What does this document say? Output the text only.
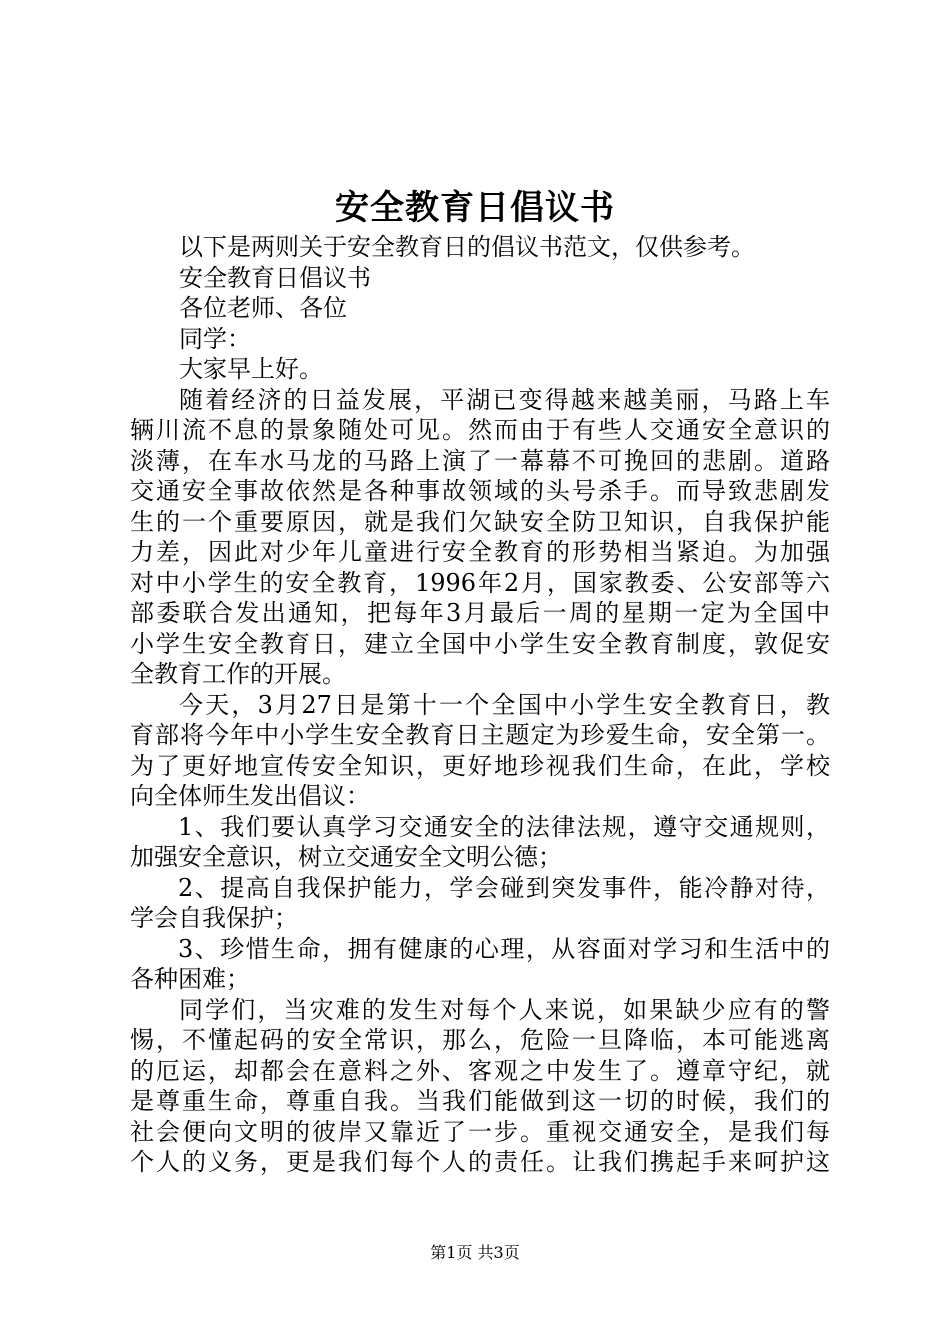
安全教育日倡议书
以下是两则关于安全教育日的倡议书范文，仅供参考。
安全教育日倡议书
各位老师、各位
同学：
大家早上好。
随着经济的日益发展，平湖已变得越来越美丽，马路上车
辆川流不息的景象随处可见。然而由于有些人交通安全意识的
淡薄，在车水马龙的马路上演了一幕幕不可挽回的悲剧。道路
交通安全事故依然是各种事故领域的头号杀手。而导致悲剧发
生的一个重要原因，就是我们欠缺安全防卫知识，自我保护能
力差，因此对少年儿童进行安全教育的形势相当紧迫。为加强
对中小学生的安全教育，1996年2月，国家教委、公安部等六
部委联合发出通知，把每年3月最后一周的星期一定为全国中
小学生安全教育日，建立全国中小学生安全教育制度，敦促安
全教育工作的开展。
今天，3月27日是第十一个全国中小学生安全教育日，教
育部将今年中小学生安全教育日主题定为珍爱生命，安全第一。
为了更好地宣传安全知识，更好地珍视我们生命，在此，学校
向全体师生发出倡议：
1、我们要认真学习交通安全的法律法规，遵守交通规则，
加强安全意识，树立交通安全文明公德；
2、提高自我保护能力，学会碰到突发事件，能冷静对待，
学会自我保护；
3、珍惜生命，拥有健康的心理，从容面对学习和生活中的
各种困难；
同学们，当灾难的发生对每个人来说，如果缺少应有的警
惕，不懂起码的安全常识，那么，危险一旦降临，本可能逃离
的厄运，却都会在意料之外、客观之中发生了。遵章守纪，就
是尊重生命，尊重自我。当我们能做到这一切的时候，我们的
社会便向文明的彼岸又靠近了一步。重视交通安全，是我们每
个人的义务，更是我们每个人的责任。让我们携起手来呵护这
第1页 共3页
